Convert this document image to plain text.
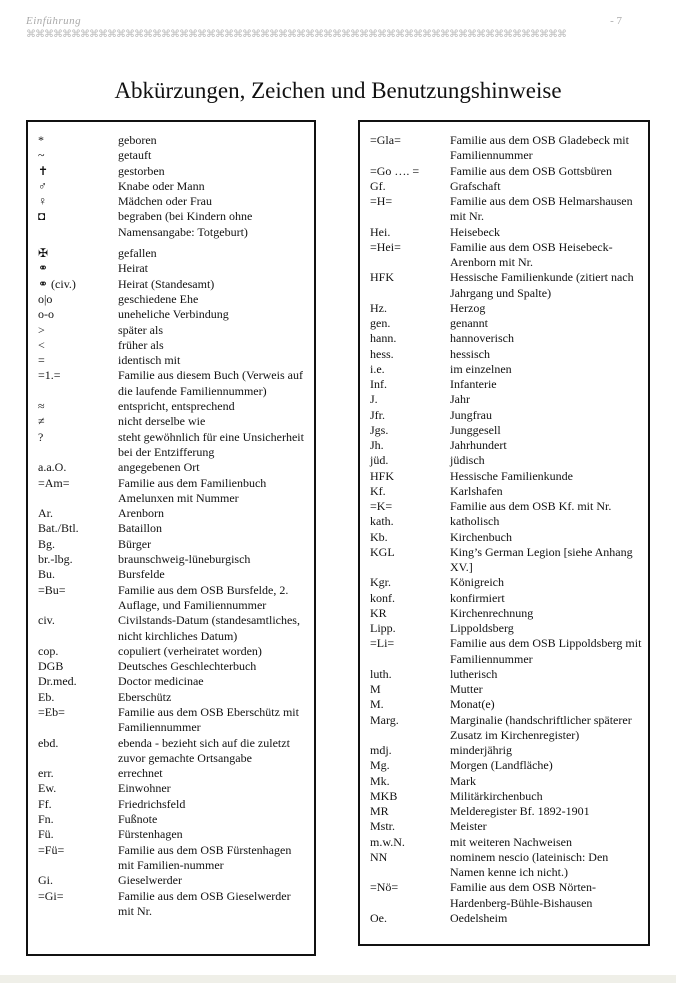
Einführung	- 7
⌘⌘⌘⌘⌘⌘⌘⌘⌘⌘⌘⌘⌘⌘⌘⌘⌘⌘⌘⌘⌘⌘⌘⌘⌘⌘⌘⌘⌘⌘⌘⌘⌘⌘⌘⌘⌘⌘⌘⌘⌘⌘⌘⌘⌘⌘⌘⌘⌘⌘⌘⌘⌘⌘⌘⌘⌘⌘⌘⌘
Abkürzungen, Zeichen und Benutzungshinweise
*	geboren
~	getauft
✝	gestorben
♂	Knabe oder Mann
♀	Mädchen oder Frau
◘	begraben (bei Kindern ohne Namensangabe: Totgeburt)
✠	gefallen
⚭	Heirat
⚭ (civ.)	Heirat (Standesamt)
o|o	geschiedene Ehe
o-o	uneheliche Verbindung
>	später als
<	früher als
=	identisch mit
=1.=	Familie aus diesem Buch (Verweis auf die laufende Familiennummer)
≈	entspricht, entsprechend
≠	nicht derselbe wie
?	steht gewöhnlich für eine Unsicherheit bei der Entzifferung
a.a.O.	angegebenen Ort
=Am=	Familie aus dem Familienbuch Amelunxen mit Nummer
Ar.	Arenborn
Bat./Btl.	Bataillon
Bg.	Bürger
br.-lbg.	braunschweig-lüneburgisch
Bu.	Bursfelde
=Bu=	Familie aus dem OSB Bursfelde, 2. Auflage, und Familiennummer
civ.	Civilstands-Datum (standesamtliches, nicht kirchliches Datum)
cop.	copuliert (verheiratet worden)
DGB	Deutsches Geschlechterbuch
Dr.med.	Doctor medicinae
Eb.	Eberschütz
=Eb=	Familie aus dem OSB Eberschütz mit Familiennummer
ebd.	ebenda - bezieht sich auf die zuletzt zuvor gemachte Ortsangabe
err.	errechnet
Ew.	Einwohner
Ff.	Friedrichsfeld
Fn.	Fußnote
Fü.	Fürstenhagen
=Fü=	Familie aus dem OSB Fürstenhagen mit Familien-nummer
Gi.	Gieselwerder
=Gi=	Familie aus dem OSB Gieselwerder mit Nr.
=Gla=	Familie aus dem OSB Gladebeck mit Familiennummer
=Go …. =	Familie aus dem OSB Gottsbüren
Gf.	Grafschaft
=H=	Familie aus dem OSB Helmarshausen mit Nr.
Hei.	Heisebeck
=Hei=	Familie aus dem OSB Heisebeck-Arenborn mit Nr.
HFK	Hessische Familienkunde (zitiert nach Jahrgang und Spalte)
Hz.	Herzog
gen.	genannt
hann.	hannoverisch
hess.	hessisch
i.e.	im einzelnen
Inf.	Infanterie
J.	Jahr
Jfr.	Jungfrau
Jgs.	Junggesell
Jh.	Jahrhundert
jüd.	jüdisch
HFK	Hessische Familienkunde
Kf.	Karlshafen
=K=	Familie aus dem OSB Kf. mit Nr.
kath.	katholisch
Kb.	Kirchenbuch
KGL	King’s German Legion [siehe Anhang XV.]
Kgr.	Königreich
konf.	konfirmiert
KR	Kirchenrechnung
Lipp.	Lippoldsberg
=Li=	Familie aus dem OSB Lippoldsberg mit Familiennummer
luth.	lutherisch
M	Mutter
M.	Monat(e)
Marg.	Marginalie (handschriftlicher späterer Zusatz im Kirchenregister)
mdj.	minderjährig
Mg.	Morgen (Landfläche)
Mk.	Mark
MKB	Militärkirchenbuch
MR	Melderegister Bf. 1892-1901
Mstr.	Meister
m.w.N.	mit weiteren Nachweisen
NN	nominem nescio (lateinisch: Den Namen kenne ich nicht.)
=Nö=	Familie aus dem OSB Nörten-Hardenberg-Bühle-Bishausen
Oe.	Oedelsheim
